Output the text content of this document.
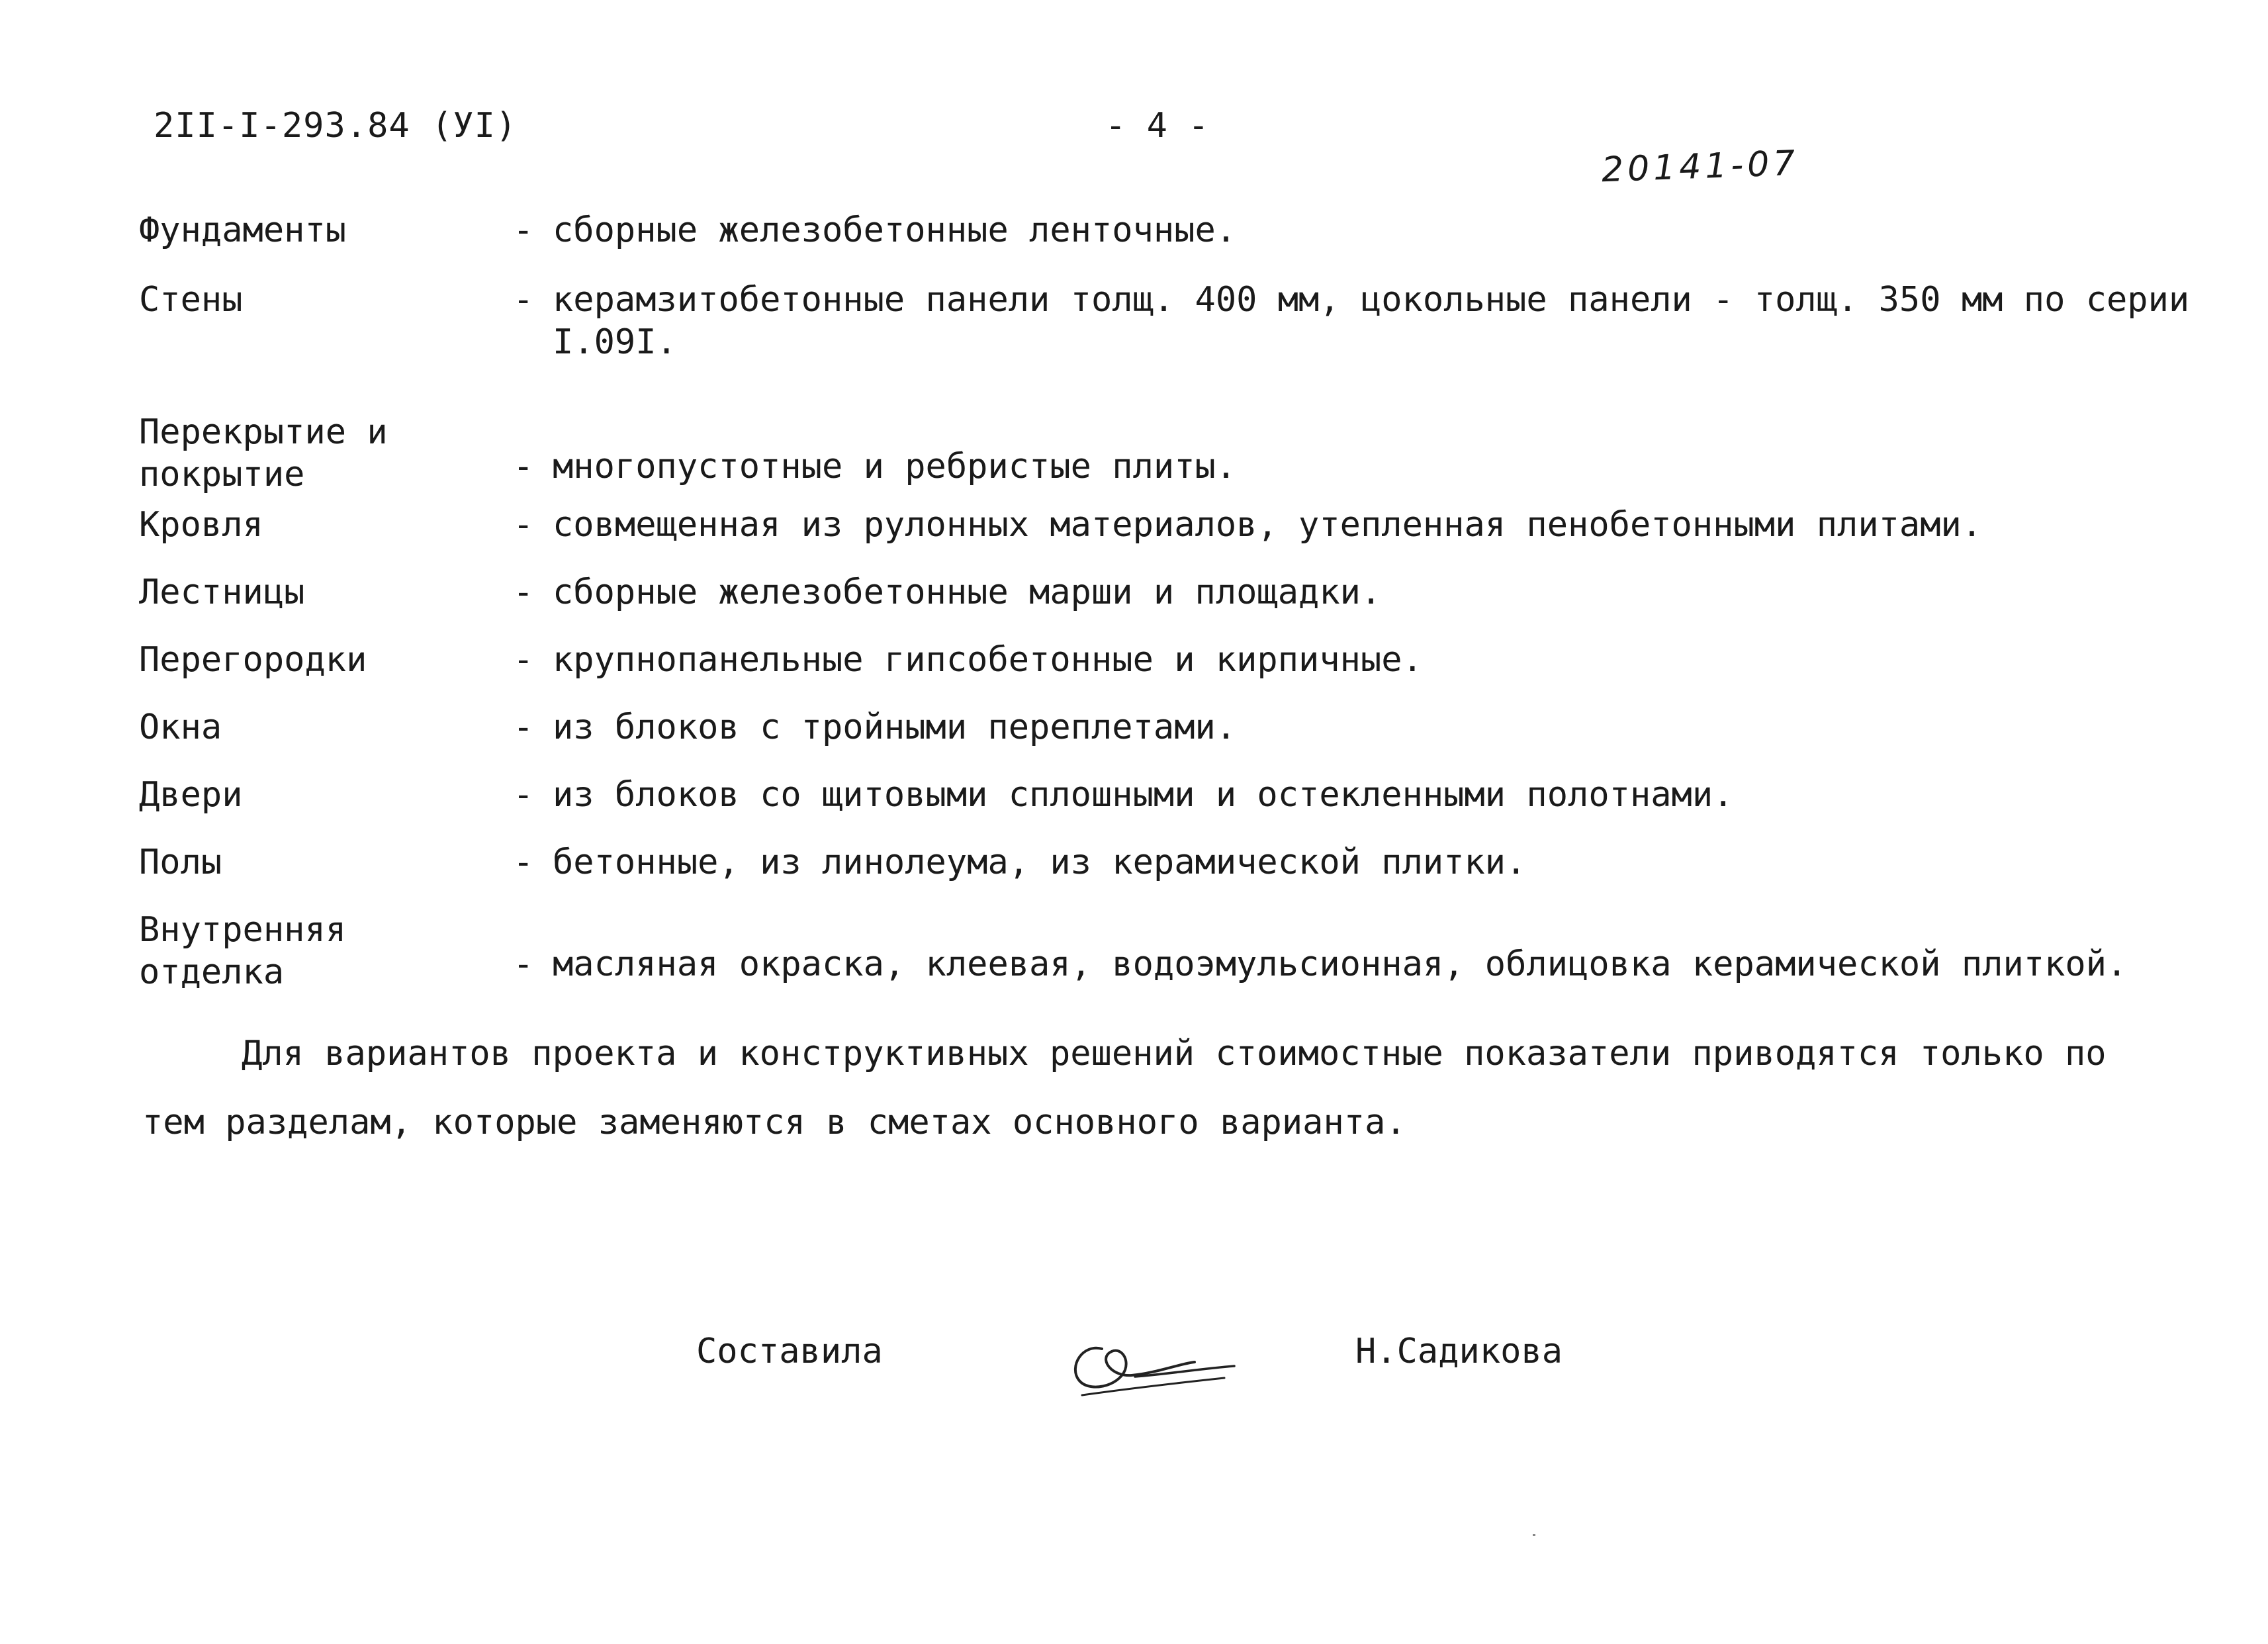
2II-I-293.84 (УI)	- 4 -
20141-07
Фундаменты	- сборные железобетонные ленточные.
Стены	- керамзитобетонные панели толщ. 400 мм, цокольные панели - толщ. 350 мм по серии I.09I.
Перекрытие и
покрытие	- многопустотные и ребристые плиты.
Кровля	- совмещенная из рулонных материалов, утепленная пенобетонными плитами.
Лестницы	- сборные железобетонные марши и площадки.
Перегородки	- крупнопанельные гипсобетонные и кирпичные.
Окна	- из блоков с тройными переплетами.
Двери	- из блоков со щитовыми сплошными и остекленными полотнами.
Полы	- бетонные, из линолеума, из керамической плитки.
Внутренняя
отделка	- масляная окраска, клеевая, водоэмульсионная, облицовка керамической плиткой.
Для вариантов проекта и конструктивных решений стоимостные показатели приводятся только по тем разделам, которые заменяются в сметах основного варианта.
Составила	Н.Садикова
